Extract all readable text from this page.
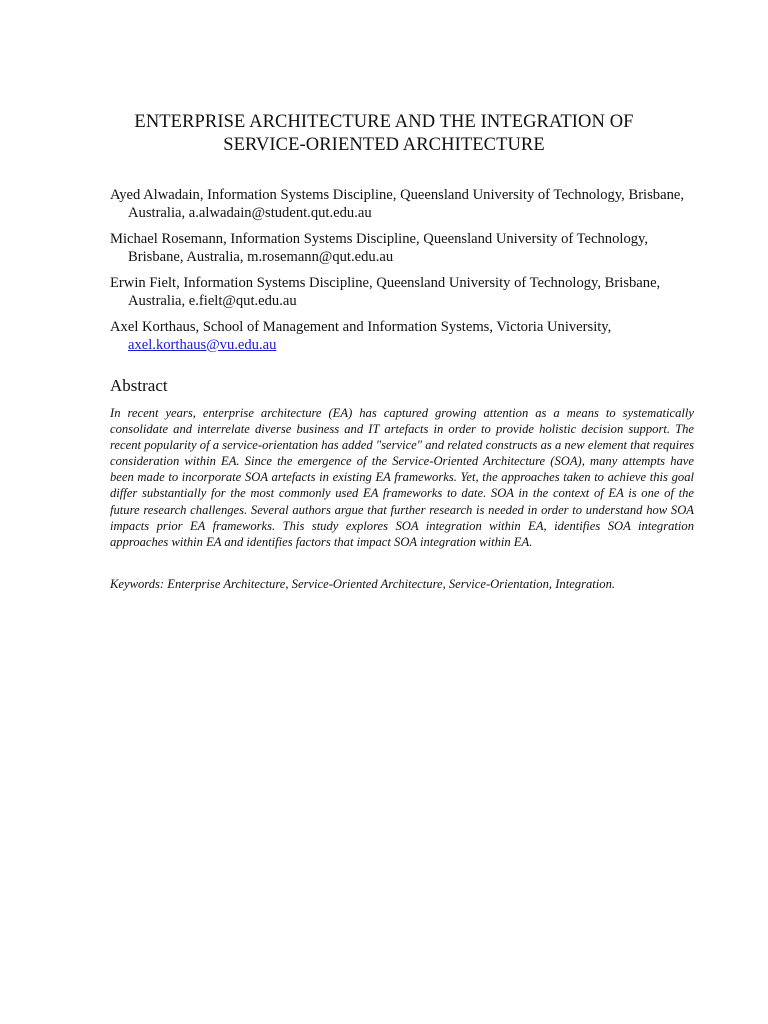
ENTERPRISE ARCHITECTURE AND THE INTEGRATION OF
SERVICE-ORIENTED ARCHITECTURE

Ayed Alwadain, Information Systems Discipline, Queensland University of Technology, Brisbane, Australia, a.alwadain@student.qut.edu.au

Michael Rosemann, Information Systems Discipline, Queensland University of Technology, Brisbane, Australia, m.rosemann@qut.edu.au

Erwin Fielt, Information Systems Discipline, Queensland University of Technology, Brisbane, Australia, e.fielt@qut.edu.au

Axel Korthaus, School of Management and Information Systems, Victoria University,
axel.korthaus@vu.edu.au

Abstract

In recent years, enterprise architecture (EA) has captured growing attention as a means to systematically consolidate and interrelate diverse business and IT artefacts in order to provide holistic decision support. The recent popularity of a service-orientation has added "service" and related constructs as a new element that requires consideration within EA. Since the emergence of the Service-Oriented Architecture (SOA), many attempts have been made to incorporate SOA artefacts in existing EA frameworks. Yet, the approaches taken to achieve this goal differ substantially for the most commonly used EA frameworks to date. SOA in the context of EA is one of the future research challenges. Several authors argue that further research is needed in order to understand how SOA impacts prior EA frameworks. This study explores SOA integration within EA, identifies SOA integration approaches within EA and identifies factors that impact SOA integration within EA.

Keywords: Enterprise Architecture, Service-Oriented Architecture, Service-Orientation, Integration.
